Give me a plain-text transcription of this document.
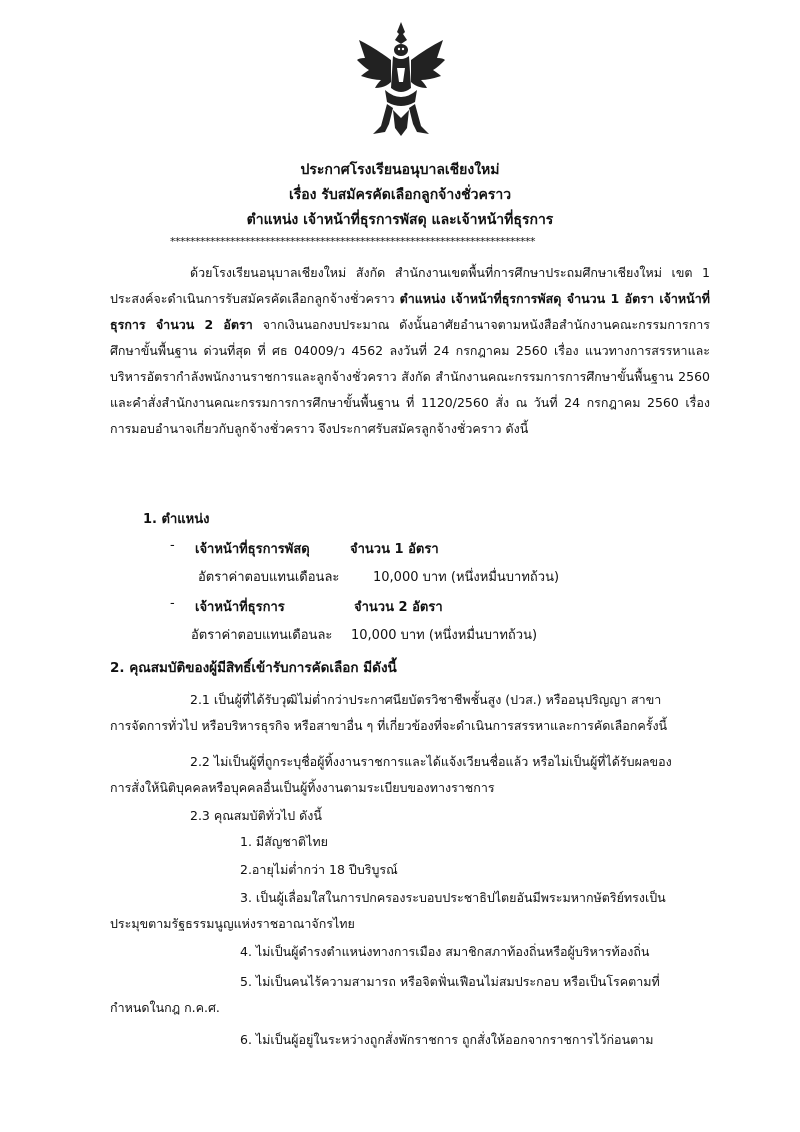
ประกาศโรงเรียนอนุบาลเชียงใหม่
เรื่อง รับสมัครคัดเลือกลูกจ้างชั่วคราว
ตำแหน่ง เจ้าหน้าที่ธุรการพัสดุ และเจ้าหน้าที่ธุรการ
*************************************************************************
ด้วยโรงเรียนอนุบาลเชียงใหม่ สังกัด สำนักงานเขตพื้นที่การศึกษาประถมศึกษาเชียงใหม่ เขต 1 ประสงค์จะดำเนินการรับสมัครคัดเลือกลูกจ้างชั่วคราว ตำแหน่ง เจ้าหน้าที่ธุรการพัสดุ จำนวน 1 อัตรา เจ้าหน้าที่ธุรการ จำนวน 2 อัตรา จากเงินนอกงบประมาณ ดังนั้นอาศัยอำนาจตามหนังสือสำนักงานคณะกรรมการการศึกษาขั้นพื้นฐาน ด่วนที่สุด ที่ ศธ 04009/ว 4562 ลงวันที่ 24 กรกฎาคม 2560 เรื่อง แนวทางการสรรหาและบริหารอัตรากำลังพนักงานราชการและลูกจ้างชั่วคราว สังกัด สำนักงานคณะกรรมการการศึกษาขั้นพื้นฐาน 2560 และคำสั่งสำนักงานคณะกรรมการการศึกษาขั้นพื้นฐาน ที่ 1120/2560 สั่ง ณ วันที่ 24 กรกฎาคม 2560 เรื่อง การมอบอำนาจเกี่ยวกับลูกจ้างชั่วคราว จึงประกาศรับสมัครลูกจ้างชั่วคราว ดังนี้
1. ตำแหน่ง
- เจ้าหน้าที่ธุรการพัสดุ	จำนวน 1 อัตรา
อัตราค่าตอบแทนเดือนละ	10,000 บาท (หนึ่งหมื่นบาทถ้วน)
- เจ้าหน้าที่ธุรการ	จำนวน 2 อัตรา
อัตราค่าตอบแทนเดือนละ 10,000 บาท (หนึ่งหมื่นบาทถ้วน)
2. คุณสมบัติของผู้มีสิทธิ์เข้ารับการคัดเลือก มีดังนี้
2.1 เป็นผู้ที่ได้รับวุฒิไม่ต่ำกว่าประกาศนียบัตรวิชาชีพชั้นสูง (ปวส.) หรืออนุปริญญา สาขา
การจัดการทั่วไป หรือบริหารธุรกิจ หรือสาขาอื่น ๆ ที่เกี่ยวข้องที่จะดำเนินการสรรหาและการคัดเลือกครั้งนี้
2.2 ไม่เป็นผู้ที่ถูกระบุชื่อผู้ทิ้งงานราชการและได้แจ้งเวียนชื่อแล้ว หรือไม่เป็นผู้ที่ได้รับผลของ
การสั่งให้นิติบุคคลหรือบุคคลอื่นเป็นผู้ทิ้งงานตามระเบียบของทางราชการ
2.3 คุณสมบัติทั่วไป ดังนี้
1. มีสัญชาติไทย
2.อายุไม่ต่ำกว่า 18 ปีบริบูรณ์
3. เป็นผู้เลื่อมใสในการปกครองระบอบประชาธิปไตยอันมีพระมหากษัตริย์ทรงเป็น
ประมุขตามรัฐธรรมนูญแห่งราชอาณาจักรไทย
4. ไม่เป็นผู้ดำรงตำแหน่งทางการเมือง สมาชิกสภาท้องถิ่นหรือผู้บริหารท้องถิ่น
5. ไม่เป็นคนไร้ความสามารถ หรือจิตฟั่นเฟือนไม่สมประกอบ หรือเป็นโรคตามที่
กำหนดในกฎ ก.ค.ศ.
6. ไม่เป็นผู้อยู่ในระหว่างถูกสั่งพักราชการ ถูกสั่งให้ออกจากราชการไว้ก่อนตาม
